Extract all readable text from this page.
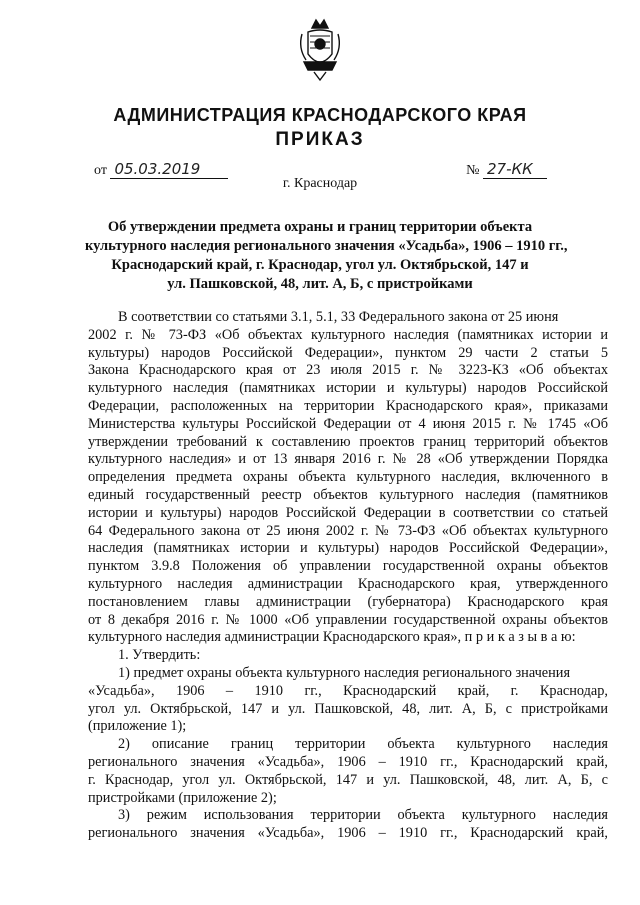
АДМИНИСТРАЦИЯ КРАСНОДАРСКОГО КРАЯ
ПРИКАЗ
от 05.03.2019	№ 27-КК
г. Краснодар
Об утверждении предмета охраны и границ территории объекта
культурного наследия регионального значения «Усадьба», 1906 – 1910 гг.,
Краснодарский край, г. Краснодар, угол ул. Октябрьской, 147 и
ул. Пашковской, 48, лит. А, Б, с пристройками
В соответствии со статьями 3.1, 5.1, 33 Федерального закона от 25 июня
2002 г. № 73-ФЗ «Об объектах культурного наследия (памятниках истории и
культуры) народов Российской Федерации», пунктом 29 части 2 статьи 5
Закона Краснодарского края от 23 июля 2015 г. № 3223-КЗ «Об объектах
культурного наследия (памятниках истории и культуры) народов Российской
Федерации, расположенных на территории Краснодарского края», приказами
Министерства культуры Российской Федерации от 4 июня 2015 г. № 1745 «Об
утверждении требований к составлению проектов границ территорий объектов
культурного наследия» и от 13 января 2016 г. № 28 «Об утверждении Порядка
определения предмета охраны объекта культурного наследия, включенного в
единый государственный реестр объектов культурного наследия (памятников
истории и культуры) народов Российской Федерации в соответствии со статьей
64 Федерального закона от 25 июня 2002 г. № 73-ФЗ «Об объектах культурного
наследия (памятниках истории и культуры) народов Российской Федерации»,
пунктом 3.9.8 Положения об управлении государственной охраны объектов
культурного наследия администрации Краснодарского края, утвержденного
постановлением главы администрации (губернатора) Краснодарского края
от 8 декабря 2016 г. № 1000 «Об управлении государственной охраны объектов
культурного наследия администрации Краснодарского края», п р и к а з ы в а ю:
1. Утвердить:
1) предмет охраны объекта культурного наследия регионального значения
«Усадьба», 1906 – 1910 гг., Краснодарский край, г. Краснодар,
угол ул. Октябрьской, 147 и ул. Пашковской, 48, лит. А, Б, с пристройками
(приложение 1);
2) описание границ территории объекта культурного наследия
регионального значения «Усадьба», 1906 – 1910 гг., Краснодарский край,
г. Краснодар, угол ул. Октябрьской, 147 и ул. Пашковской, 48, лит. А, Б, с
пристройками (приложение 2);
3) режим использования территории объекта культурного наследия
регионального значения «Усадьба», 1906 – 1910 гг., Краснодарский край,
